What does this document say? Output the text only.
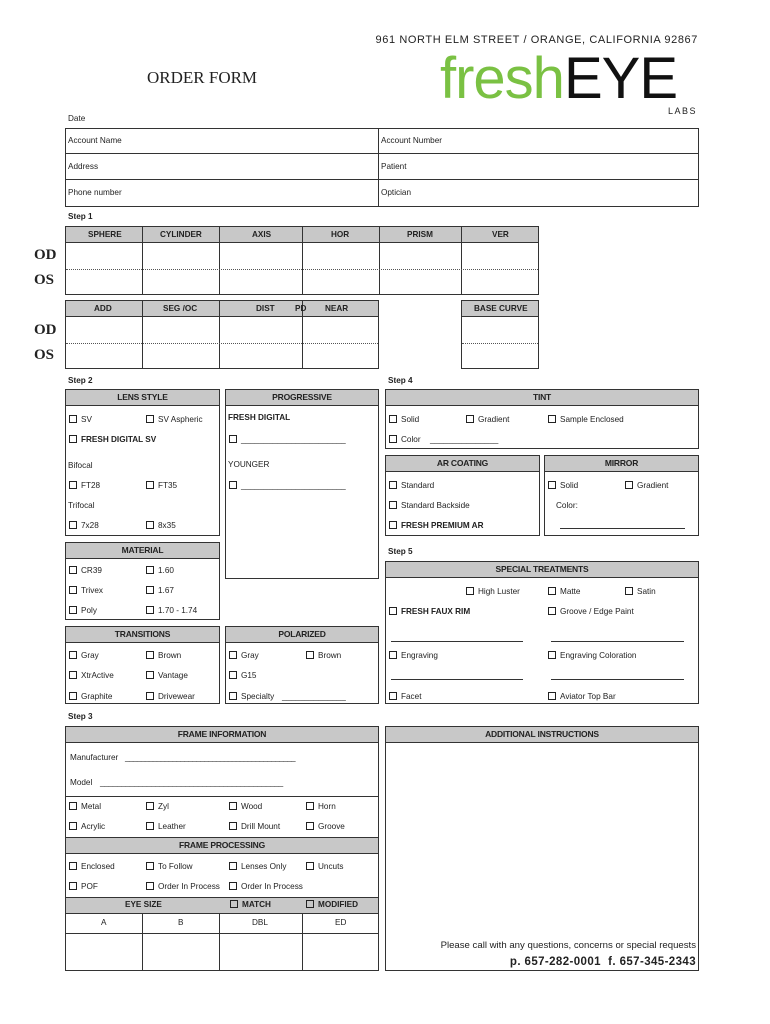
961 NORTH ELM STREET / ORANGE, CALIFORNIA 92867
ORDER FORM	freshEYE
LABS
Date
Account Name	Account Number
Address	Patient
Phone number	Optician
Step 1
SPHERE	CYLINDER	AXIS	HOR	PRISM	VER
OD
OS
ADD	SEG /OC	DIST PD NEAR	BASE CURVE
OD
OS
Step 2
LENS STYLE
SV	SV Aspheric
FRESH DIGITAL SV
Bifocal
FT28	FT35
Trifocal
7x28	8x35
PROGRESSIVE
FRESH DIGITAL
_______________________
YOUNGER
_______________________
MATERIAL
CR39	1.60
Trivex	1.67
Poly	1.70 - 1.74
TRANSITIONS
Gray	Brown
XtrActive	Vantage
Graphite	Drivewear
POLARIZED
Gray	Brown
G15
Specialty ______________
Step 4
TINT
Solid	Gradient	Sample Enclosed
Color _______________
AR COATING
Standard
Standard Backside
FRESH PREMIUM AR
MIRROR
Solid	Gradient
Color:
Step 5
SPECIAL TREATMENTS
High Luster	Matte	Satin
FRESH FAUX RIM	Groove / Edge Paint
Engraving	Engraving Coloration
Facet	Aviator Top Bar
Step 3
FRAME INFORMATION
Manufacturer ___________________________________________
Model ___________________________________________
Metal	Zyl	Wood	Horn
Acrylic	Leather	Drill Mount	Groove
FRAME PROCESSING
Enclosed	To Follow	Lenses Only	Uncuts
POF	Order In Process	Order In Process
EYE SIZE	MATCH	MODIFIED
A	B	DBL	ED
ADDITIONAL INSTRUCTIONS
Please call with any questions, concerns or special requests
p. 657-282-0001 f. 657-345-2343
